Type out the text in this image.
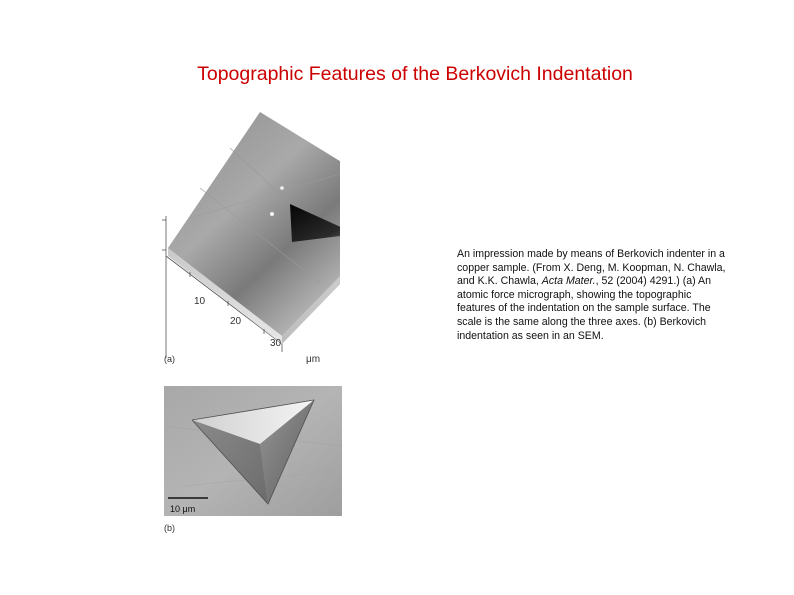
Topographic Features of the Berkovich Indentation
10
20
30
μm
(a)
10 μm
(b)
An impression made by means of Berkovich indenter in a copper sample. (From X. Deng, M. Koopman, N. Chawla, and K.K. Chawla, Acta Mater., 52 (2004) 4291.) (a) An atomic force micrograph, showing the topographic features of the indentation on the sample surface. The scale is the same along the three axes. (b) Berkovich indentation as seen in an SEM.
